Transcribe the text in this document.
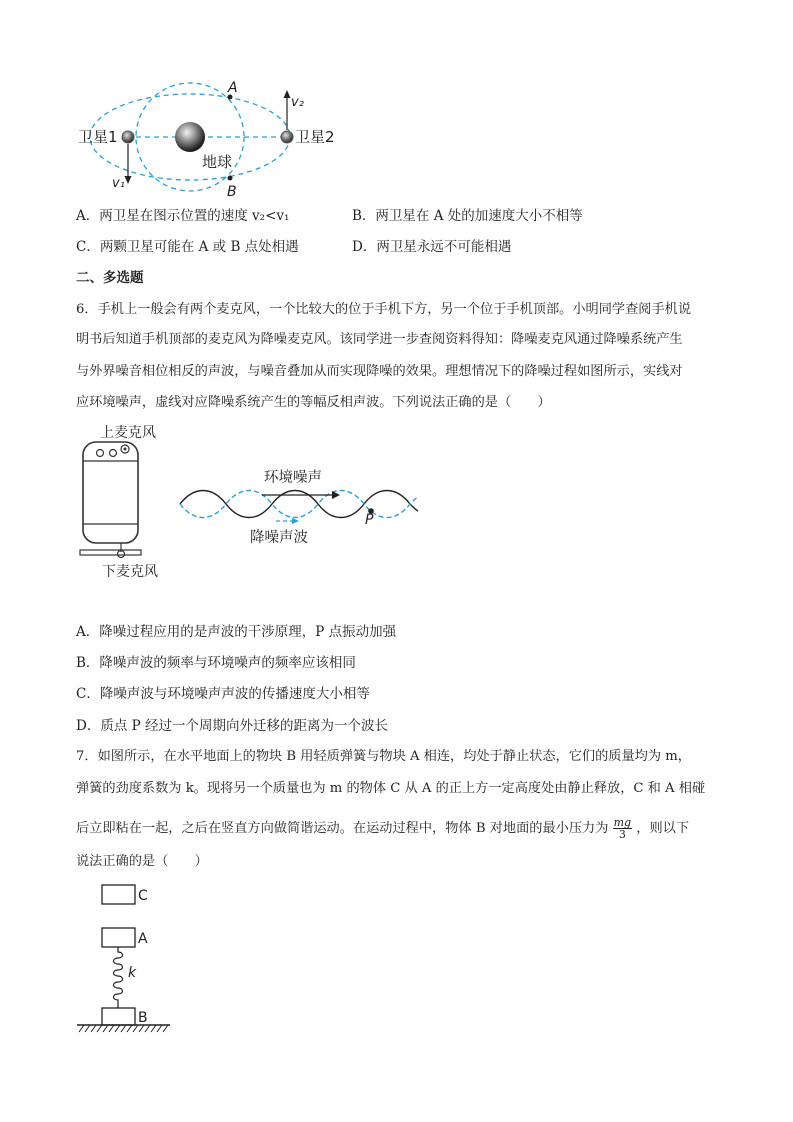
卫星1	卫星2
地球
A
B
v₁
v₂
A．两卫星在图示位置的速度 v₂<v₁	B．两卫星在 A 处的加速度大小不相等
C．两颗卫星可能在 A 或 B 点处相遇	D．两卫星永远不可能相遇
二、多选题
6．手机上一般会有两个麦克风，一个比较大的位于手机下方，另一个位于手机顶部。小明同学查阅手机说
明书后知道手机顶部的麦克风为降噪麦克风。该同学进一步查阅资料得知：降噪麦克风通过降噪系统产生
与外界噪音相位相反的声波，与噪音叠加从而实现降噪的效果。理想情况下的降噪过程如图所示，实线对
应环境噪声，虚线对应降噪系统产生的等幅反相声波。下列说法正确的是（　　）
上麦克风
下麦克风
P
环境噪声
降噪声波
A．降噪过程应用的是声波的干涉原理，P 点振动加强
B．降噪声波的频率与环境噪声的频率应该相同
C．降噪声波与环境噪声声波的传播速度大小相等
D．质点 P 经过一个周期向外迁移的距离为一个波长
7．如图所示，在水平地面上的物块 B 用轻质弹簧与物块 A 相连，均处于静止状态，它们的质量均为 m，
弹簧的劲度系数为 k。现将另一个质量也为 m 的物体 C 从 A 的正上方一定高度处由静止释放，C 和 A 相碰
后立即粘在一起，之后在竖直方向做简谐运动。在运动过程中，物体 B 对地面的最小压力为 $\frac{mg}{3}$ ，则以下
说法正确的是（　　）
C
A
k
B
